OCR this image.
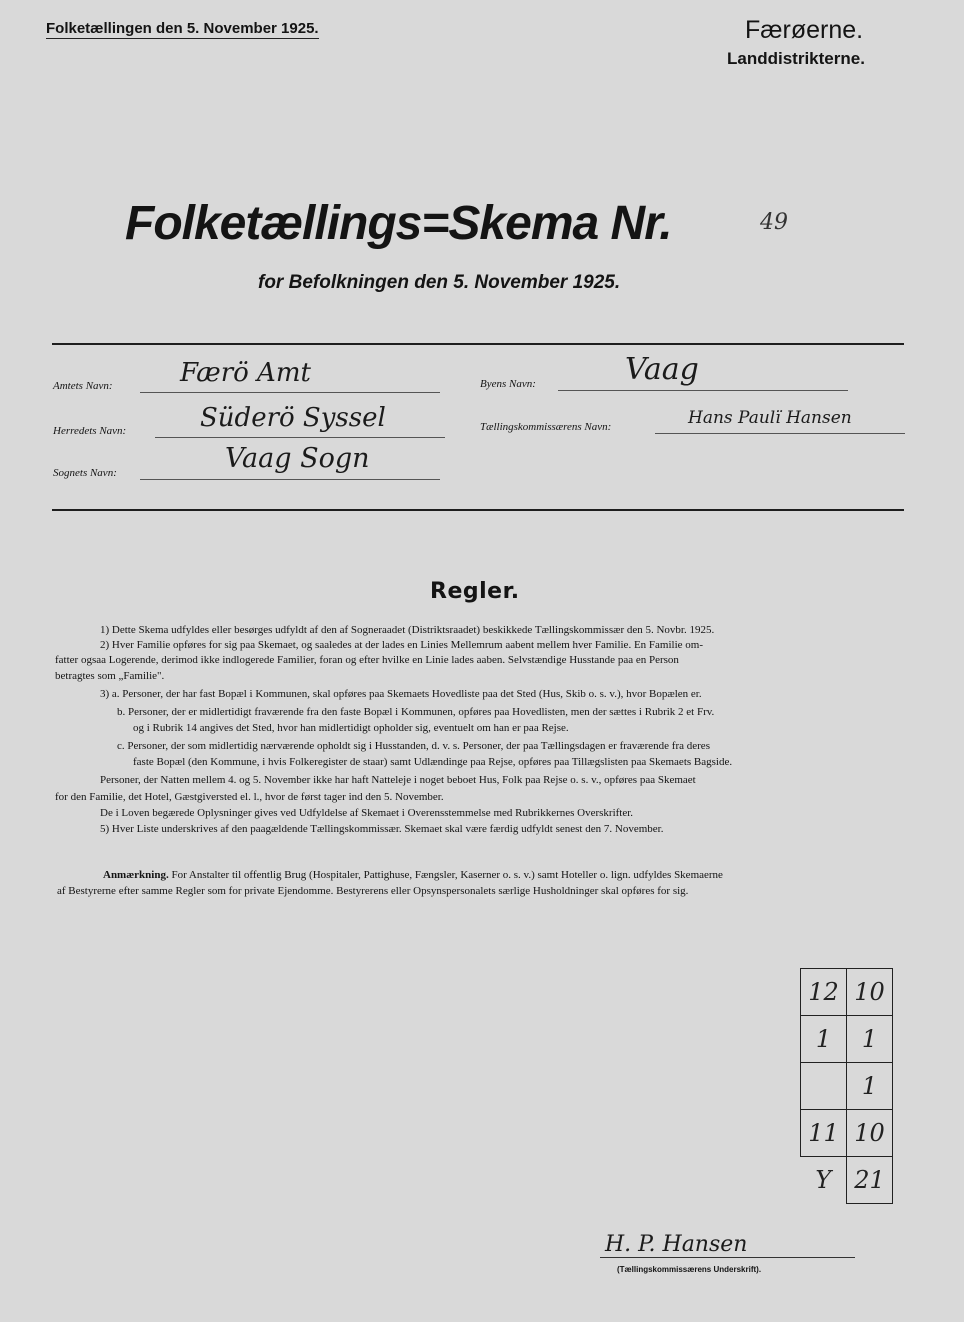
Folketællingen den 5. November 1925.	Færøerne.
Landdistrikterne.
Folketællings=Skema Nr.	49
for Befolkningen den 5. November 1925.
Amtets Navn:	Færö Amt
Herredets Navn:	Süderö Syssel
Sognets Navn:	Vaag Sogn
Byens Navn:	Vaag
Tællingskommissærens Navn:	Hans Paulï Hansen
Regler.
1) Dette Skema udfyldes eller besørges udfyldt af den af Sogneraadet (Distriktsraadet) beskikkede Tællingskommissær den 5. Novbr. 1925.
2) Hver Familie opføres for sig paa Skemaet, og saaledes at der lades en Linies Mellemrum aabent mellem hver Familie. En Familie om-
fatter ogsaa Logerende, derimod ikke indlogerede Familier, foran og efter hvilke en Linie lades aaben. Selvstændige Husstande paa en Person
betragtes som „Familie".
3) a. Personer, der har fast Bopæl i Kommunen, skal opføres paa Skemaets Hovedliste paa det Sted (Hus, Skib o. s. v.), hvor Bopælen er.
b. Personer, der er midlertidigt fraværende fra den faste Bopæl i Kommunen, opføres paa Hovedlisten, men der sættes i Rubrik 2 et Frv.
og i Rubrik 14 angives det Sted, hvor han midlertidigt opholder sig, eventuelt om han er paa Rejse.
c. Personer, der som midlertidig nærværende opholdt sig i Husstanden, d. v. s. Personer, der paa Tællingsdagen er fraværende fra deres
faste Bopæl (den Kommune, i hvis Folkeregister de staar) samt Udlændinge paa Rejse, opføres paa Tillægslisten paa Skemaets Bagside.
Personer, der Natten mellem 4. og 5. November ikke har haft Natteleje i noget beboet Hus, Folk paa Rejse o. s. v., opføres paa Skemaet
for den Familie, det Hotel, Gæstgiversted el. l., hvor de først tager ind den 5. November.
De i Loven begærede Oplysninger gives ved Udfyldelse af Skemaet i Overensstemmelse med Rubrikkernes Overskrifter.
5) Hver Liste underskrives af den paagældende Tællingskommissær. Skemaet skal være færdig udfyldt senest den 7. November.
Anmærkning. For Anstalter til offentlig Brug (Hospitaler, Pattighuse, Fængsler, Kaserner o. s. v.) samt Hoteller o. lign. udfyldes Skemaerne
af Bestyrerne efter samme Regler som for private Ejendomme. Bestyrerens eller Opsynspersonalets særlige Husholdninger skal opføres for sig.
12	10
1	1
	1
11	10
Y	21
H. P. Hansen
(Tællingskommissærens Underskrift).
